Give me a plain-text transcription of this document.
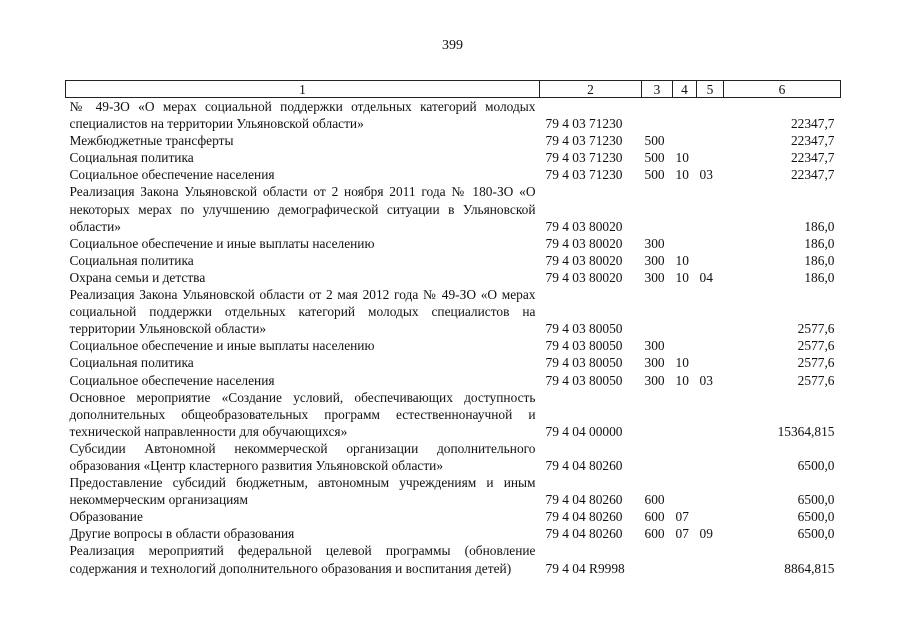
399
1	2	3	4	5	6
№ 49-ЗО «О мерах социальной поддержки отдельных категорий молодых специалистов на территории Ульяновской области»	79 4 03 71230				22347,7
Межбюджетные трансферты	79 4 03 71230	500			22347,7
Социальная политика	79 4 03 71230	500	10		22347,7
Социальное обеспечение населения	79 4 03 71230	500	10	03	22347,7
Реализация Закона Ульяновской области от 2 ноября 2011 года № 180-ЗО «О некоторых мерах по улучшению демографической ситуации в Ульяновской области»	79 4 03 80020				186,0
Социальное обеспечение и иные выплаты населению	79 4 03 80020	300			186,0
Социальная политика	79 4 03 80020	300	10		186,0
Охрана семьи и детства	79 4 03 80020	300	10	04	186,0
Реализация Закона Ульяновской области от 2 мая 2012 года № 49-ЗО «О мерах социальной поддержки отдельных категорий молодых специалистов на территории Ульяновской области»	79 4 03 80050				2577,6
Социальное обеспечение и иные выплаты населению	79 4 03 80050	300			2577,6
Социальная политика	79 4 03 80050	300	10		2577,6
Социальное обеспечение населения	79 4 03 80050	300	10	03	2577,6
Основное мероприятие «Создание условий, обеспечивающих доступность дополнительных общеобразовательных программ естественнонаучной и технической направленности для обучающихся»	79 4 04 00000				15364,815
Субсидии Автономной некоммерческой организации дополнительного образования «Центр кластерного развития Ульяновской области»	79 4 04 80260				6500,0
Предоставление субсидий бюджетным, автономным учреждениям и иным некоммерческим организациям	79 4 04 80260	600			6500,0
Образование	79 4 04 80260	600	07		6500,0
Другие вопросы в области образования	79 4 04 80260	600	07	09	6500,0
Реализация мероприятий федеральной целевой программы (обновление содержания и технологий дополнительного образования и воспитания детей)	79 4 04 R9998				8864,815
